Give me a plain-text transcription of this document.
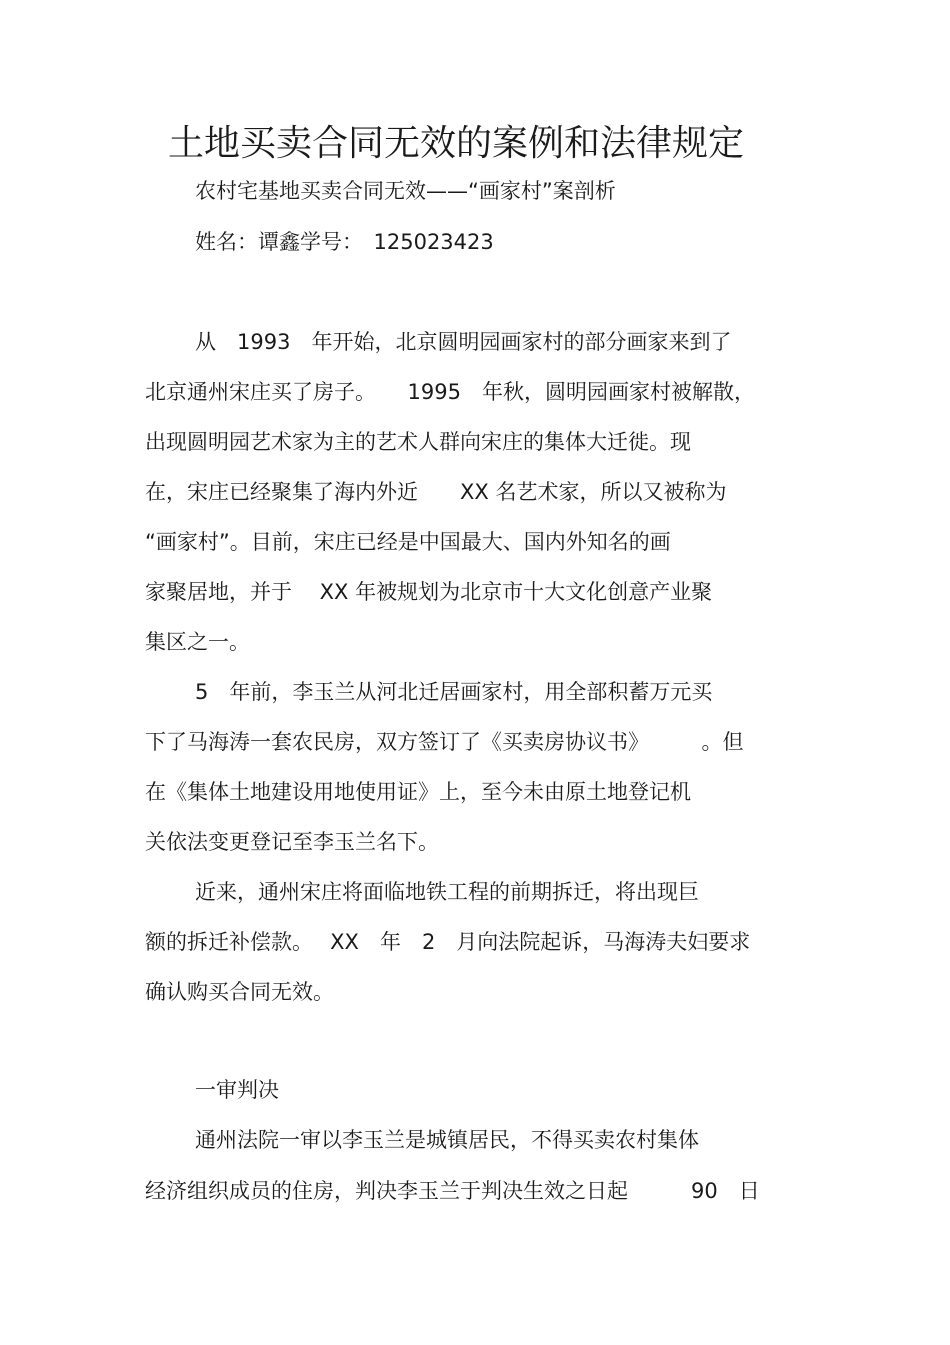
土地买卖合同无效的案例和法律规定
农村宅基地买卖合同无效——“画家村”案剖析
姓名：谭鑫学号：　125023423
从　1993　年开始，北京圆明园画家村的部分画家来到了
北京通州宋庄买了房子。　　1995　年秋，圆明园画家村被解散，
出现圆明园艺术家为主的艺术人群向宋庄的集体大迁徙。现
在，宋庄已经聚集了海内外近　　XX 名艺术家，所以又被称为
“画家村”。目前，宋庄已经是中国最大、国内外知名的画
家聚居地，并于　 XX 年被规划为北京市十大文化创意产业聚
集区之一。
5　年前，李玉兰从河北迁居画家村，用全部积蓄万元买
下了马海涛一套农民房，双方签订了《买卖房协议书》　　　。但
在《集体土地建设用地使用证》上，至今未由原土地登记机
关依法变更登记至李玉兰名下。
近来，通州宋庄将面临地铁工程的前期拆迁，将出现巨
额的拆迁补偿款。　 XX　年　2　月向法院起诉，马海涛夫妇要求
确认购买合同无效。
一审判决
通州法院一审以李玉兰是城镇居民，不得买卖农村集体
经济组织成员的住房，判决李玉兰于判决生效之日起　　　90　日
